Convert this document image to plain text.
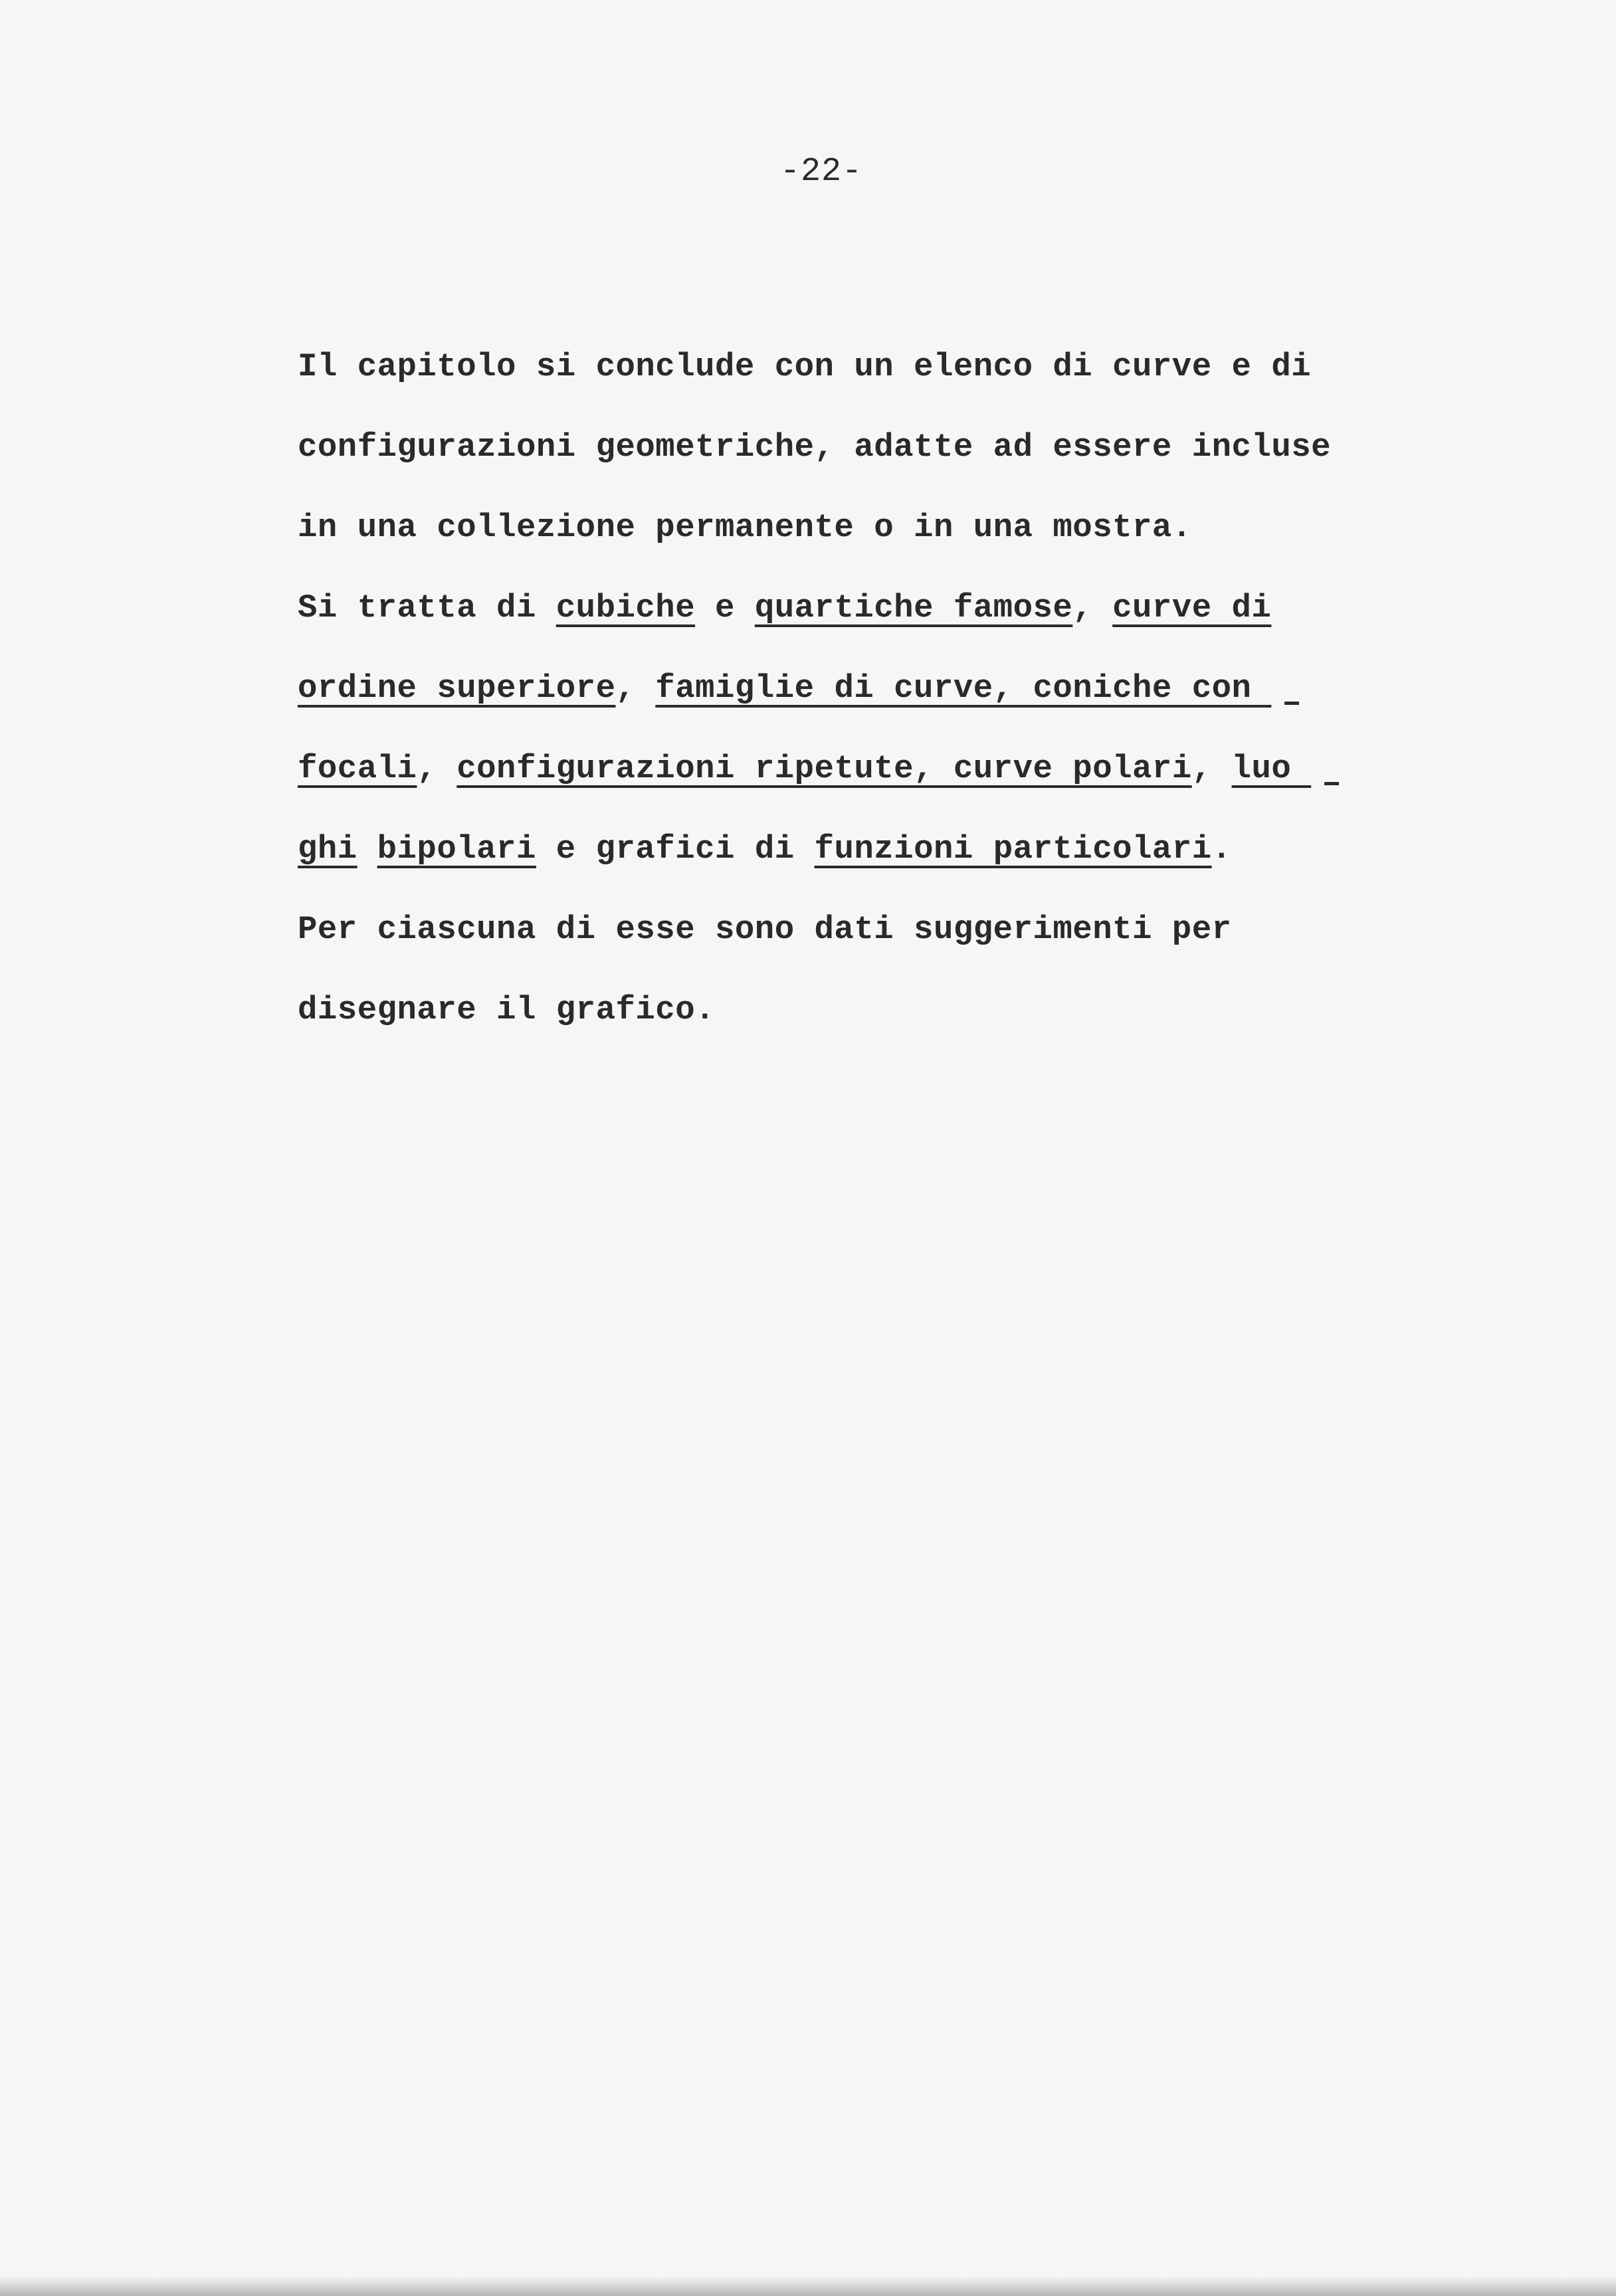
-22-
Il capitolo si conclude con un elenco di curve e di
configurazioni geometriche, adatte ad essere incluse
in una collezione permanente o in una mostra.
Si tratta di cubiche e quartiche famose, curve di
ordine superiore, famiglie di curve, coniche con
focali, configurazioni ripetute, curve polari, luo
ghi bipolari e grafici di funzioni particolari.
Per ciascuna di esse sono dati suggerimenti per
disegnare il grafico.
